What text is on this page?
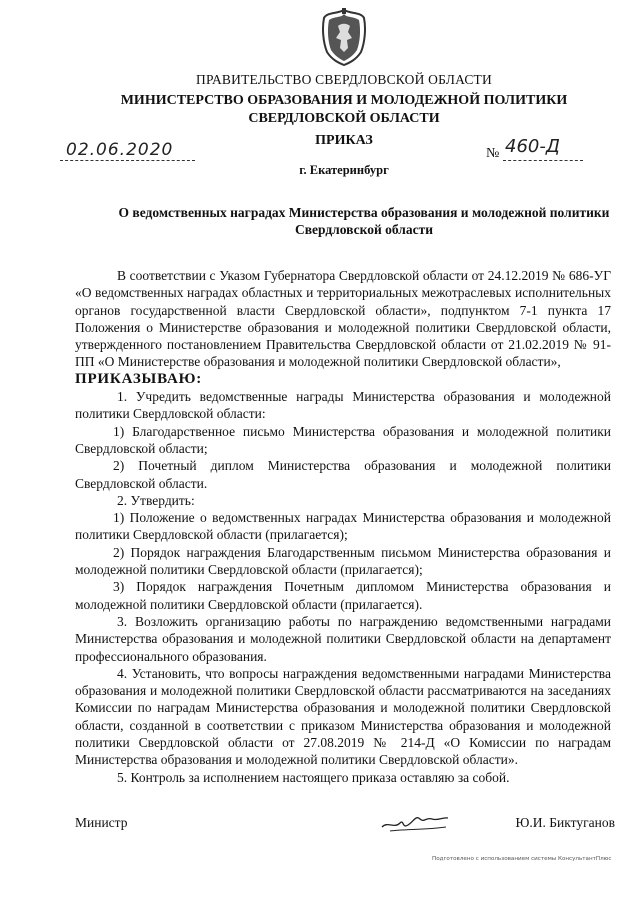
ПРАВИТЕЛЬСТВО СВЕРДЛОВСКОЙ ОБЛАСТИ
МИНИСТЕРСТВО ОБРАЗОВАНИЯ И МОЛОДЕЖНОЙ ПОЛИТИКИ
СВЕРДЛОВСКОЙ ОБЛАСТИ
ПРИКАЗ
02.06.2020	№ 460-Д
г. Екатеринбург
О ведомственных наградах Министерства образования и молодежной политики
Свердловской области

В соответствии с Указом Губернатора Свердловской области от 24.12.2019 № 686-УГ «О ведомственных наградах областных и территориальных межотраслевых исполнительных органов государственной власти Свердловской области», подпунктом 7-1 пункта 17 Положения о Министерстве образования и молодежной политики Свердловской области, утвержденного постановлением Правительства Свердловской области от 21.02.2019 № 91-ПП «О Министерстве образования и молодежной политики Свердловской области»,

ПРИКАЗЫВАЮ:

1. Учредить ведомственные награды Министерства образования и молодежной политики Свердловской области:

1) Благодарственное письмо Министерства образования и молодежной политики Свердловской области;

2) Почетный диплом Министерства образования и молодежной политики Свердловской области.

2. Утвердить:

1) Положение о ведомственных наградах Министерства образования и молодежной политики Свердловской области (прилагается);

2) Порядок награждения Благодарственным письмом Министерства образования и молодежной политики Свердловской области (прилагается);

3) Порядок награждения Почетным дипломом Министерства образования и молодежной политики Свердловской области (прилагается).

3. Возложить организацию работы по награждению ведомственными наградами Министерства образования и молодежной политики Свердловской области на департамент профессионального образования.

4. Установить, что вопросы награждения ведомственными наградами Министерства образования и молодежной политики Свердловской области рассматриваются на заседаниях Комиссии по наградам Министерства образования и молодежной политики Свердловской области, созданной в соответствии с приказом Министерства образования и молодежной политики Свердловской области от 27.08.2019 № 214-Д «О Комиссии по наградам Министерства образования и молодежной политики Свердловской области».

5. Контроль за исполнением настоящего приказа оставляю за собой.

Министр	Ю.И. Биктуганов
Подготовлено с использованием системы КонсультантПлюс
